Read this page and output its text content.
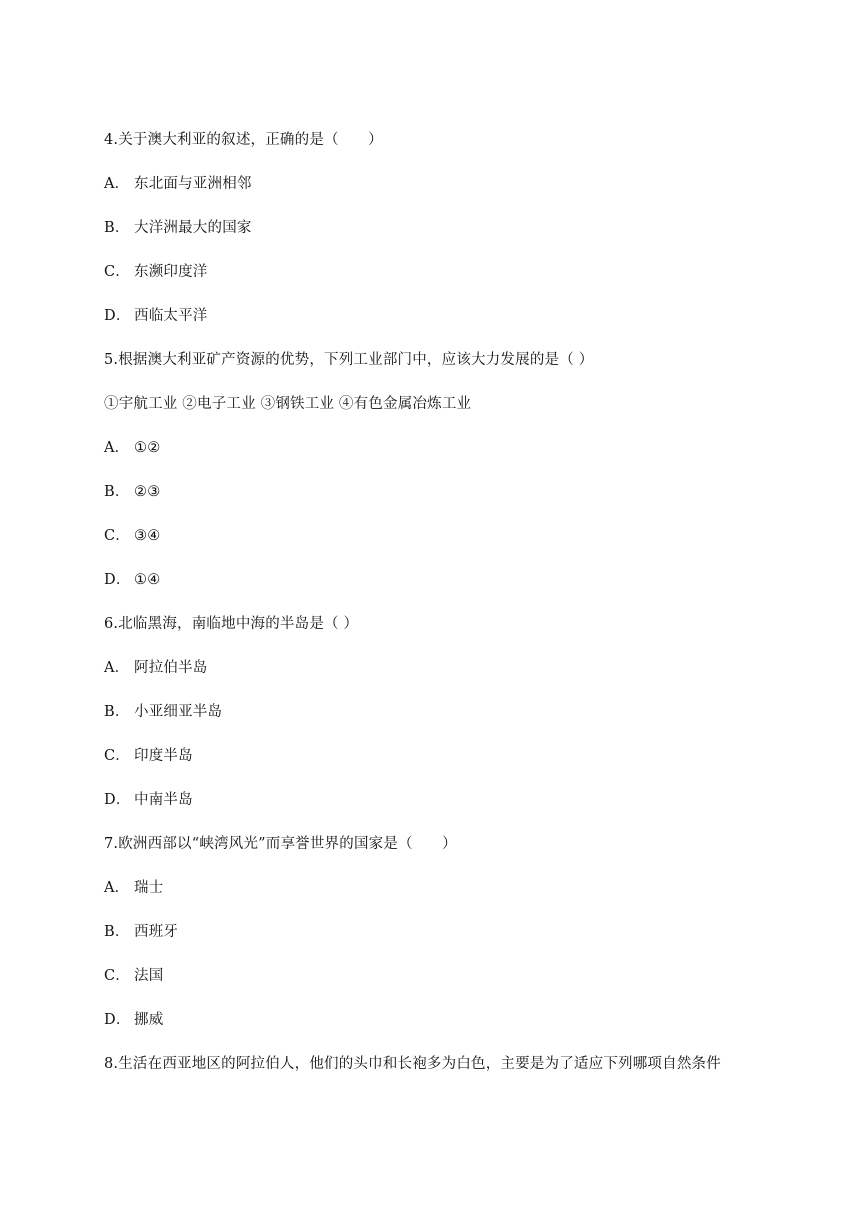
4.关于澳大利亚的叙述，正确的是（　　）
A． 东北面与亚洲相邻
B． 大洋洲最大的国家
C． 东濒印度洋
D． 西临太平洋
5.根据澳大利亚矿产资源的优势，下列工业部门中，应该大力发展的是（ ）
①宇航工业 ②电子工业 ③钢铁工业 ④有色金属冶炼工业
A． ①②
B． ②③
C． ③④
D． ①④
6.北临黑海，南临地中海的半岛是（ ）
A． 阿拉伯半岛
B． 小亚细亚半岛
C． 印度半岛
D． 中南半岛
7.欧洲西部以“峡湾风光”而享誉世界的国家是（　　）
A． 瑞士
B． 西班牙
C． 法国
D． 挪威
8.生活在西亚地区的阿拉伯人，他们的头巾和长袍多为白色，主要是为了适应下列哪项自然条件
